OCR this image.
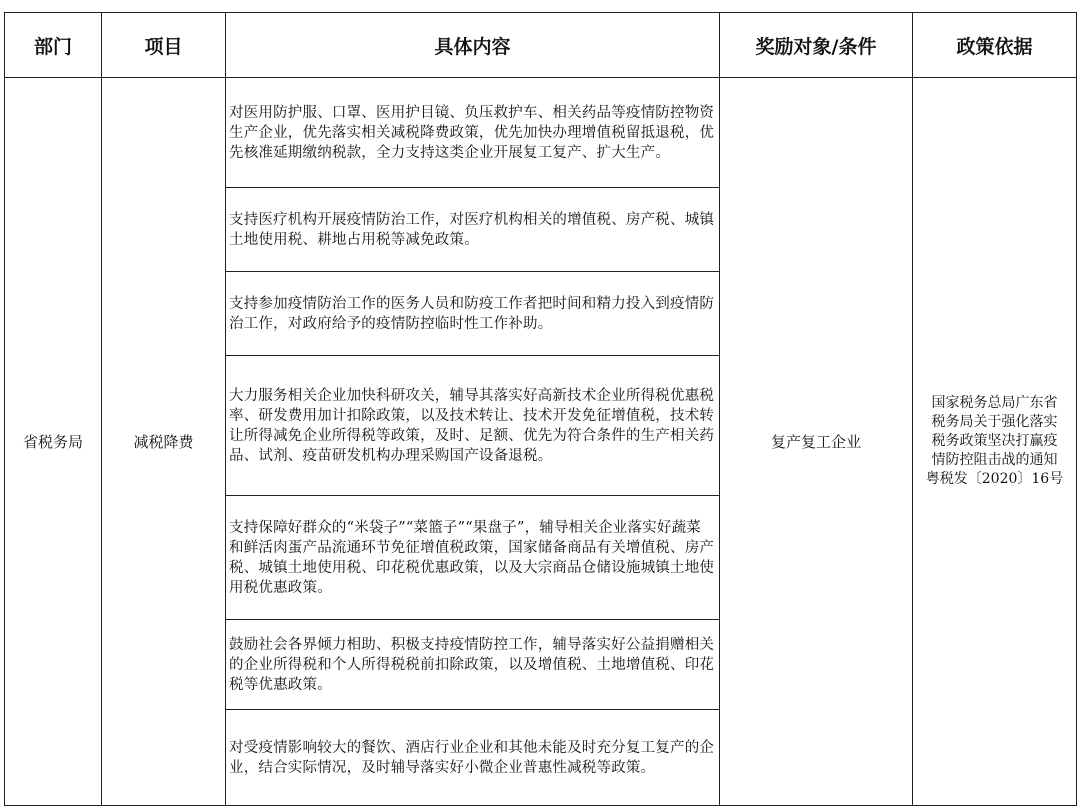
部门	项目	具体内容	奖励对象/条件	政策依据
省税务局	减税降费	对医用防护服、口罩、医用护目镜、负压救护车、相关药品等疫情防控物资生产企业，优先落实相关减税降费政策，优先加快办理增值税留抵退税，优先核准延期缴纳税款，全力支持这类企业开展复工复产、扩大生产。	复产复工企业	国家税务总局广东省
税务局关于强化落实
税务政策坚决打赢疫
情防控阻击战的通知
粤税发〔2020〕16号

		支持医疗机构开展疫情防治工作，对医疗机构相关的增值税、房产税、城镇土地使用税、耕地占用税等减免政策。		
		支持参加疫情防治工作的医务人员和防疫工作者把时间和精力投入到疫情防治工作，对政府给予的疫情防控临时性工作补助。		
		大力服务相关企业加快科研攻关，辅导其落实好高新技术企业所得税优惠税率、研发费用加计扣除政策，以及技术转让、技术开发免征增值税，技术转让所得减免企业所得税等政策，及时、足额、优先为符合条件的生产相关药品、试剂、疫苗研发机构办理采购国产设备退税。		
		支持保障好群众的“米袋子”“菜篮子”“果盘子”，辅导相关企业落实好蔬菜和鲜活肉蛋产品流通环节免征增值税政策，国家储备商品有关增值税、房产税、城镇土地使用税、印花税优惠政策，以及大宗商品仓储设施城镇土地使用税优惠政策。		
		鼓励社会各界倾力相助、积极支持疫情防控工作，辅导落实好公益捐赠相关的企业所得税和个人所得税税前扣除政策，以及增值税、土地增值税、印花税等优惠政策。		
		对受疫情影响较大的餐饮、酒店行业企业和其他未能及时充分复工复产的企业，结合实际情况，及时辅导落实好小微企业普惠性减税等政策。		
